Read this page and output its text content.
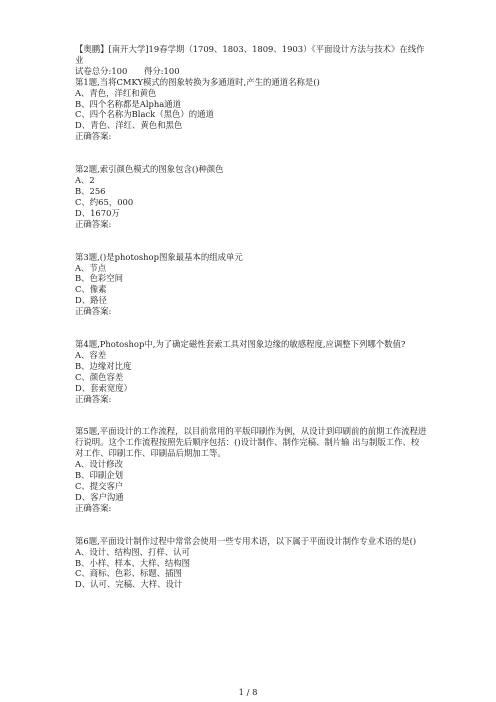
【奥鹏】[南开大学]19春学期（1709、1803、1809、1903）《平面设计方法与技术》在线作业
试卷总分:100 得分:100
第1题,当将CMKY模式的图象转换为多通道时,产生的通道名称是()
A、青色，洋红和黄色
B、四个名称都是Alpha通道
C、四个名称为Black（黑色）的通道
D、青色、洋红、黄色和黑色
正确答案:
第2题,索引颜色模式的图象包含()种颜色
A、2
B、256
C、约65，000
D、1670万
正确答案:
第3题,()是photoshop图象最基本的组成单元
A、节点
B、色彩空间
C、像素
D、路径
正确答案:
第4题,Photoshop中,为了确定磁性套索工具对图象边缘的敏感程度,应调整下列哪个数值?
A、容差
B、边缘对比度
C、颜色容差
D、套索宽度）
正确答案:
第5题,平面设计的工作流程，以目前常用的平版印刷作为例，从设计到印刷前的前期工作流程进行说明。这个工作流程按照先后顺序包括：()设计制作、制作完稿、制片输 出与制版工作、校对工作、印刷工作、印刷品后期加工等。
A、设计修改
B、印刷企划
C、提交客户
D、客户沟通
正确答案:
第6题,平面设计制作过程中常常会使用一些专用术语，以下属于平面设计制作专业术语的是()
A、设计、结构图、打样、认可
B、小样、样本、大样、结构图
C、商标、色彩、标题、插图
D、认可、完稿、大样、设计
1 / 8
